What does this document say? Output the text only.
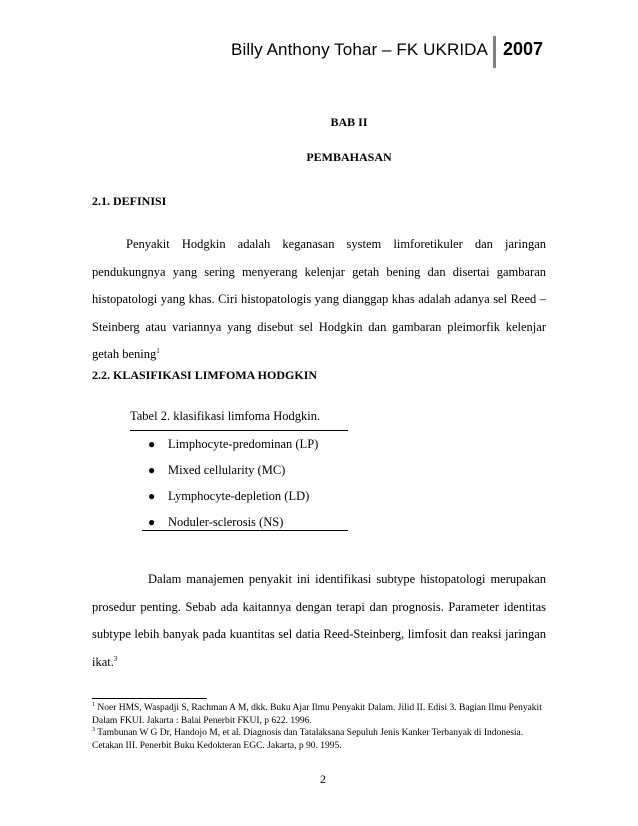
Billy Anthony Tohar – FK UKRIDA 2007
BAB II
PEMBAHASAN
2.1. DEFINISI
Penyakit Hodgkin adalah keganasan system limforetikuler dan jaringan pendukungnya yang sering menyerang kelenjar getah bening dan disertai gambaran histopatologi yang khas. Ciri histopatologis yang dianggap khas adalah adanya sel Reed – Steinberg atau variannya yang disebut sel Hodgkin dan gambaran pleimorfik kelenjar getah bening$^1$
2.2. KLASIFIKASI LIMFOMA HODGKIN
Tabel 2. klasifikasi limfoma Hodgkin.
● Limphocyte-predominan (LP)
● Mixed cellularity (MC)
● Lymphocyte-depletion (LD)
● Noduler-sclerosis (NS)
Dalam manajemen penyakit ini identifikasi subtype histopatologi merupakan prosedur penting. Sebab ada kaitannya dengan terapi dan prognosis. Parameter identitas subtype lebih banyak pada kuantitas sel datia Reed-Steinberg, limfosit dan reaksi jaringan ikat.$^3$
$^1$ Noer HMS, Waspadji S, Rachman A M, dkk. Buku Ajar Ilmu Penyakit Dalam. Jilid II. Edisi 3. Bagian Ilmu Penyakit Dalam FKUI. Jakarta : Balai Penerbit FKUI, p 622. 1996.
$^3$ Tambunan W G Dr, Handojo M, et al. Diagnosis dan Tatalaksana Sepuluh Jenis Kanker Terbanyak di Indonesia. Cetakan III. Penerbit Buku Kedokteran EGC. Jakarta, p 90. 1995.
2
